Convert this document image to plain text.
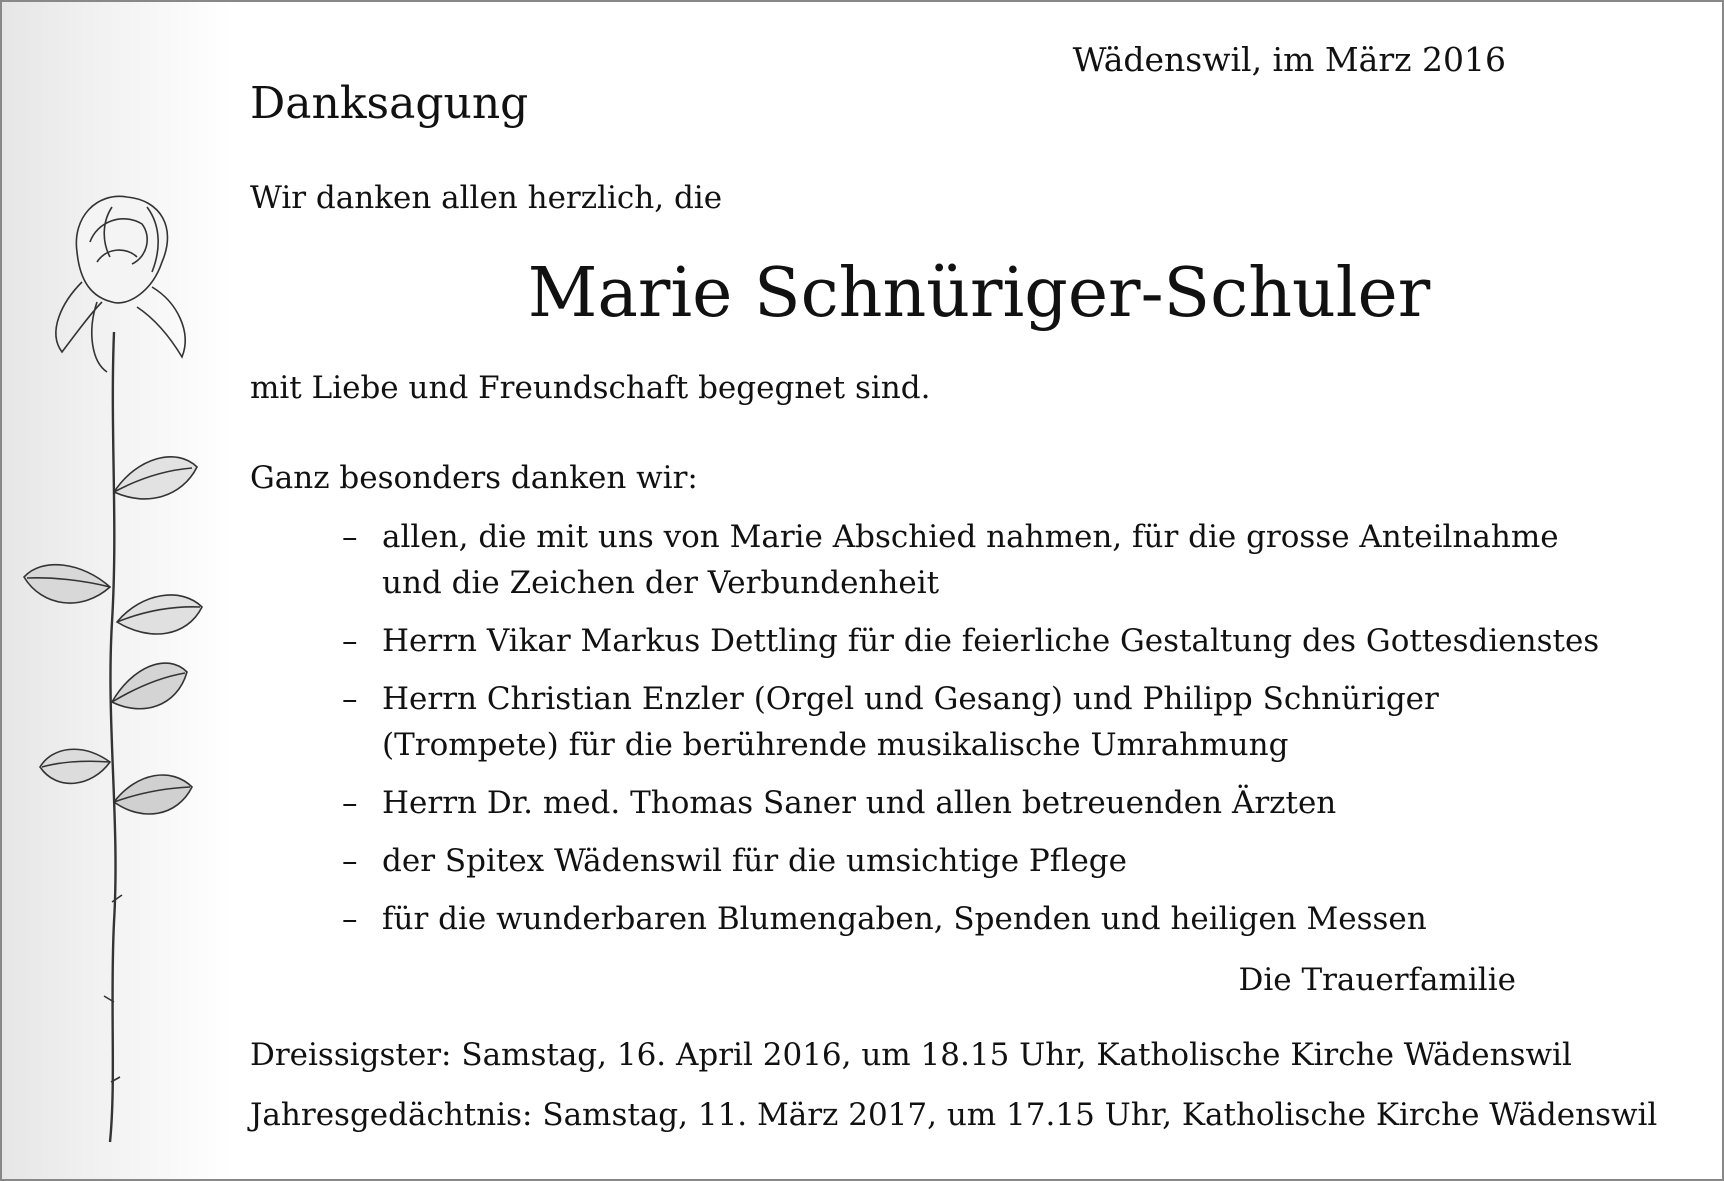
Wädenswil, im März 2016

Danksagung

Wir danken allen herzlich, die

Marie Schnüriger-Schuler

mit Liebe und Freundschaft begegnet sind.

Ganz besonders danken wir:

– allen, die mit uns von Marie Abschied nahmen, für die grosse Anteilnahme
und die Zeichen der Verbundenheit
– Herrn Vikar Markus Dettling für die feierliche Gestaltung des Gottesdienstes
– Herrn Christian Enzler (Orgel und Gesang) und Philipp Schnüriger
(Trompete) für die berührende musikalische Umrahmung
– Herrn Dr. med. Thomas Saner und allen betreuenden Ärzten
– der Spitex Wädenswil für die umsichtige Pflege
– für die wunderbaren Blumengaben, Spenden und heiligen Messen

Die Trauerfamilie

Dreissigster: Samstag, 16. April 2016, um 18.15 Uhr, Katholische Kirche Wädenswil

Jahresgedächtnis: Samstag, 11. März 2017, um 17.15 Uhr, Katholische Kirche Wädenswil
